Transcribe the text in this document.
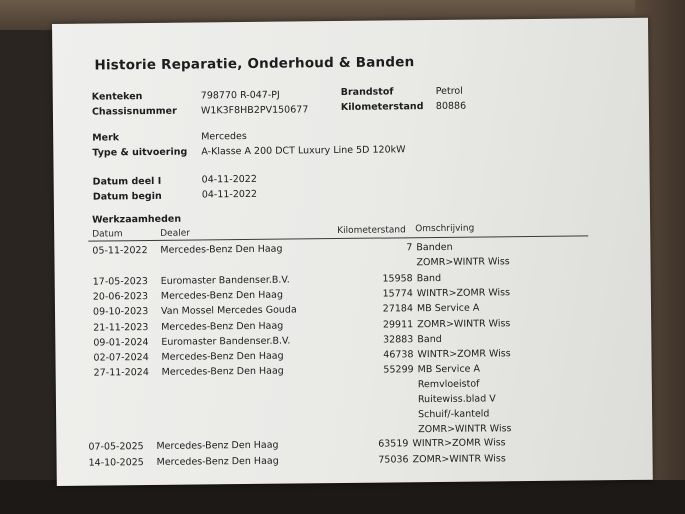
Historie Reparatie, Onderhoud & Banden
Kenteken	798770 R-047-PJ	Brandstof	Petrol
Chassisnummer	W1K3F8HB2PV150677	Kilometerstand 80886
Merk	Mercedes
Type & uitvoering A-Klasse A 200 DCT Luxury Line 5D 120kW
Datum deel I	04-11-2022
Datum begin	04-11-2022
Werkzaamheden
Datum	Dealer	Kilometerstand Omschrijving
05-11-2022 Mercedes-Benz Den Haag	7 Banden
ZOMR>WINTR Wiss
17-05-2023 Euromaster Bandenser.B.V.	15958 Band
20-06-2023 Mercedes-Benz Den Haag	15774 WINTR>ZOMR Wiss
09-10-2023 Van Mossel Mercedes Gouda	27184 MB Service A
21-11-2023 Mercedes-Benz Den Haag	29911 ZOMR>WINTR Wiss
09-01-2024 Euromaster Bandenser.B.V.	32883 Band
02-07-2024 Mercedes-Benz Den Haag	46738 WINTR>ZOMR Wiss
27-11-2024 Mercedes-Benz Den Haag	55299 MB Service A
Remvloeistof
Ruitewiss.blad V
Schuif/-kanteld
ZOMR>WINTR Wiss
07-05-2025 Mercedes-Benz Den Haag	63519 WINTR>ZOMR Wiss
14-10-2025 Mercedes-Benz Den Haag	75036 ZOMR>WINTR Wiss
